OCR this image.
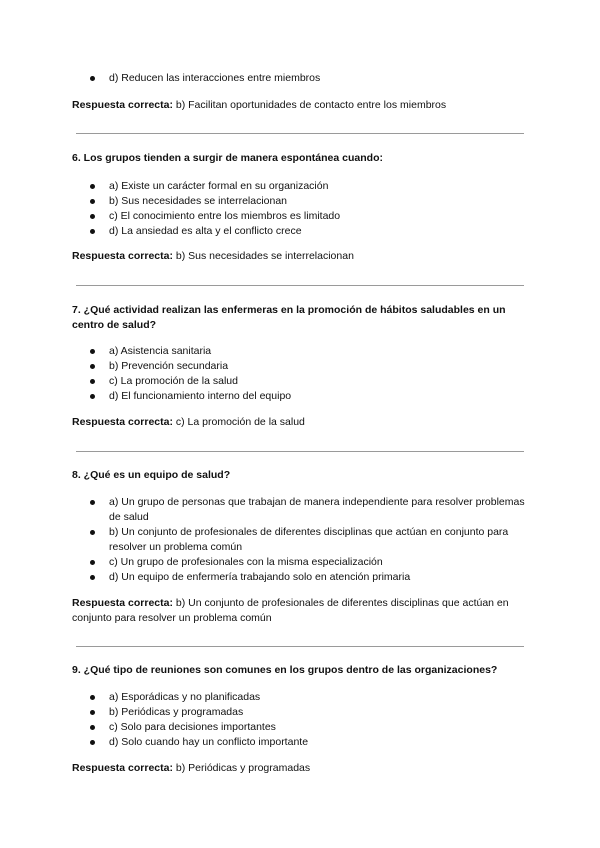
d) Reducen las interacciones entre miembros
Respuesta correcta: b) Facilitan oportunidades de contacto entre los miembros
6. Los grupos tienden a surgir de manera espontánea cuando:
a) Existe un carácter formal en su organización
b) Sus necesidades se interrelacionan
c) El conocimiento entre los miembros es limitado
d) La ansiedad es alta y el conflicto crece
Respuesta correcta: b) Sus necesidades se interrelacionan
7. ¿Qué actividad realizan las enfermeras en la promoción de hábitos saludables en un centro de salud?
a) Asistencia sanitaria
b) Prevención secundaria
c) La promoción de la salud
d) El funcionamiento interno del equipo
Respuesta correcta: c) La promoción de la salud
8. ¿Qué es un equipo de salud?
a) Un grupo de personas que trabajan de manera independiente para resolver problemas de salud
b) Un conjunto de profesionales de diferentes disciplinas que actúan en conjunto para resolver un problema común
c) Un grupo de profesionales con la misma especialización
d) Un equipo de enfermería trabajando solo en atención primaria
Respuesta correcta: b) Un conjunto de profesionales de diferentes disciplinas que actúan en conjunto para resolver un problema común
9. ¿Qué tipo de reuniones son comunes en los grupos dentro de las organizaciones?
a) Esporádicas y no planificadas
b) Periódicas y programadas
c) Solo para decisiones importantes
d) Solo cuando hay un conflicto importante
Respuesta correcta: b) Periódicas y programadas
